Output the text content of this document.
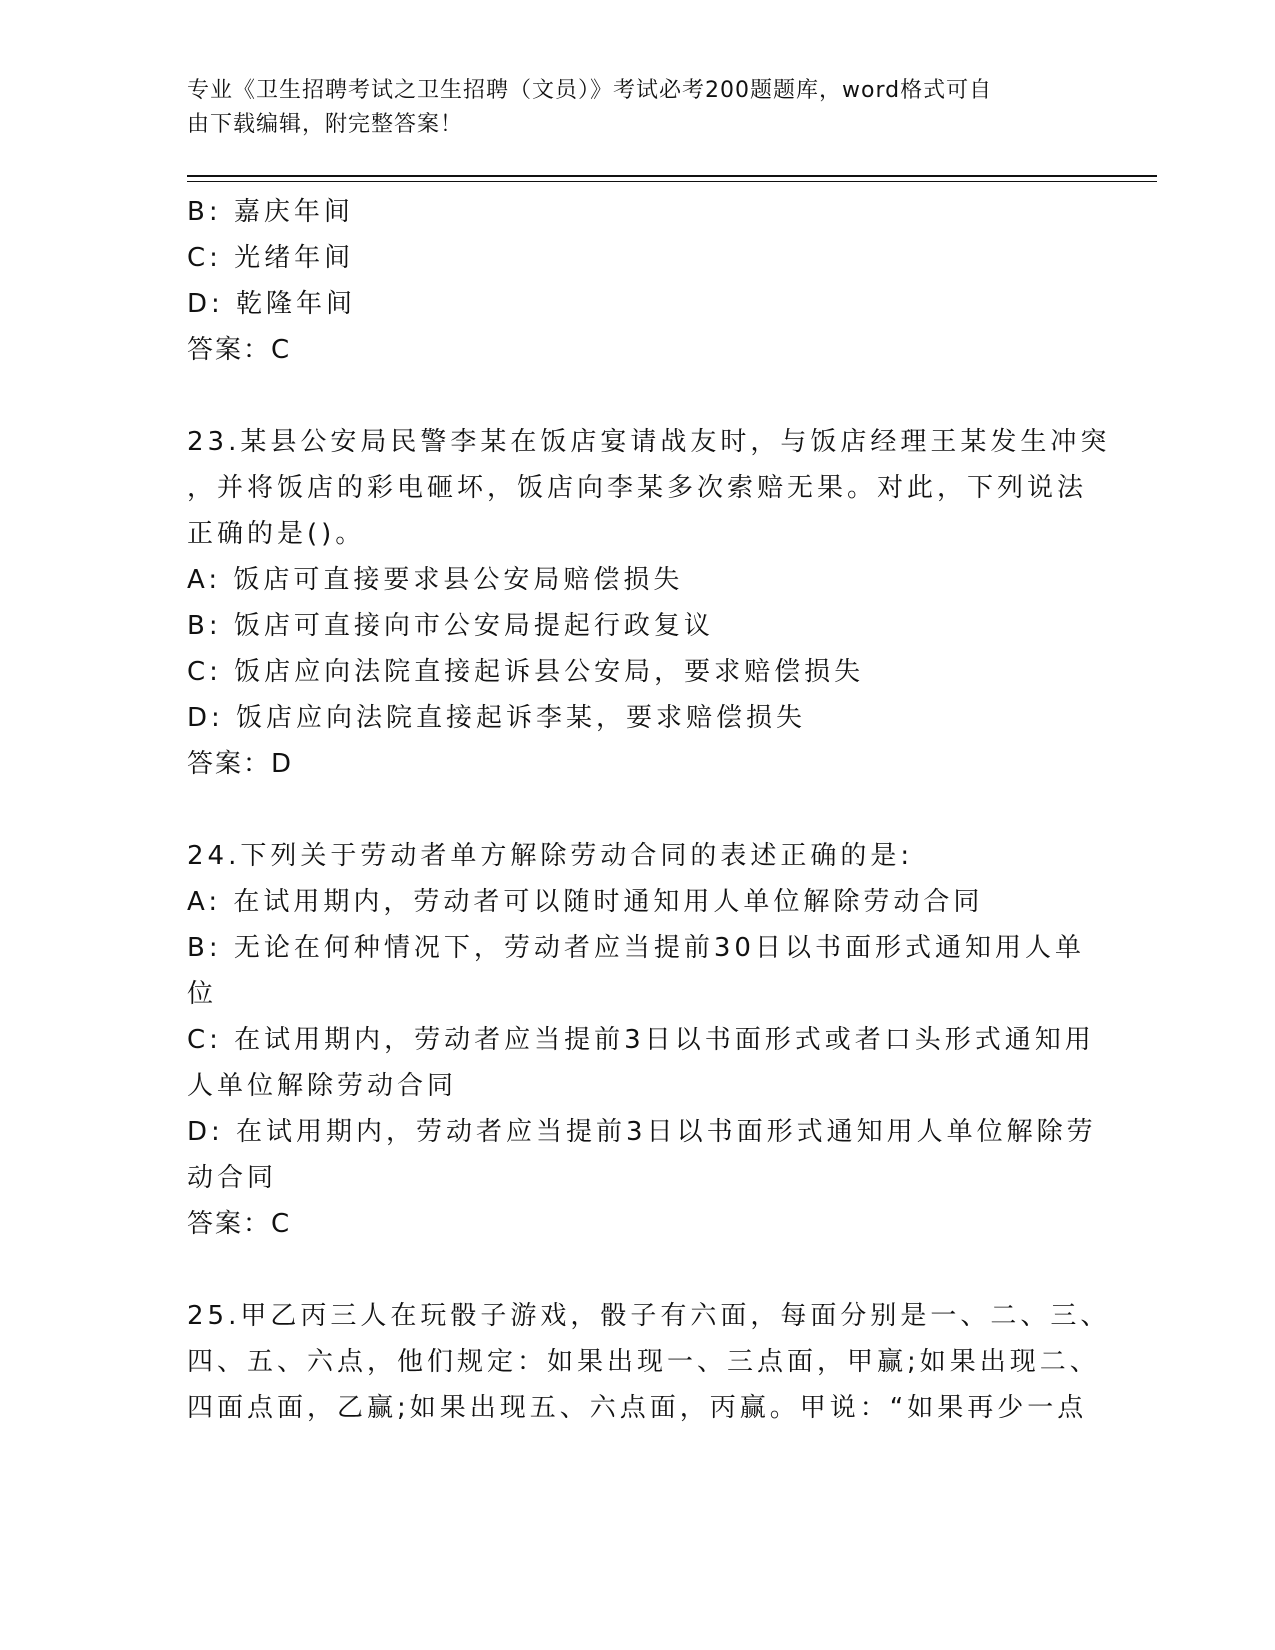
专业《卫生招聘考试之卫生招聘（文员）》考试必考200题题库，word格式可自
由下载编辑，附完整答案！
B: 嘉庆年间
C: 光绪年间
D: 乾隆年间
答案：C
23.某县公安局民警李某在饭店宴请战友时，与饭店经理王某发生冲突
，并将饭店的彩电砸坏，饭店向李某多次索赔无果。对此，下列说法
正确的是()。
A: 饭店可直接要求县公安局赔偿损失
B: 饭店可直接向市公安局提起行政复议
C: 饭店应向法院直接起诉县公安局，要求赔偿损失
D: 饭店应向法院直接起诉李某，要求赔偿损失
答案：D
24.下列关于劳动者单方解除劳动合同的表述正确的是:
A: 在试用期内，劳动者可以随时通知用人单位解除劳动合同
B: 无论在何种情况下，劳动者应当提前30日以书面形式通知用人单
位
C: 在试用期内，劳动者应当提前3日以书面形式或者口头形式通知用
人单位解除劳动合同
D: 在试用期内，劳动者应当提前3日以书面形式通知用人单位解除劳
动合同
答案：C
25.甲乙丙三人在玩骰子游戏，骰子有六面，每面分别是一、二、三、
四、五、六点，他们规定：如果出现一、三点面，甲赢;如果出现二、
四面点面，乙赢;如果出现五、六点面，丙赢。甲说：“如果再少一点
